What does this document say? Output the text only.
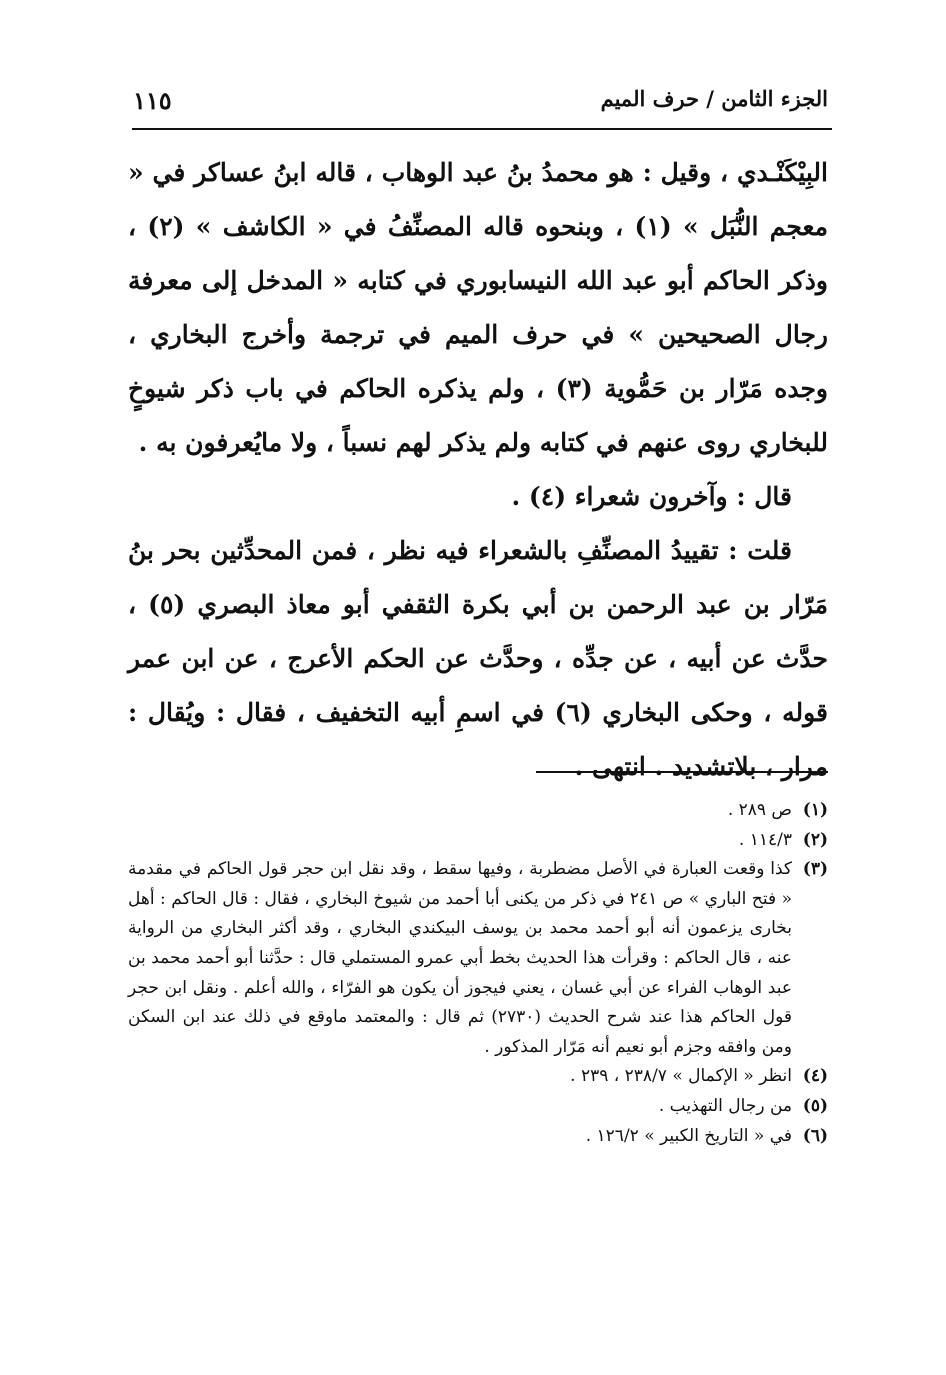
الجزء الثامن / حرف الميم
١١٥

البِيْكَنْـدي ، وقيل : هو محمدُ بنُ عبد الوهاب ، قاله ابنُ عساكر في « معجم النُّبَل » (١) ، وبنحوه قاله المصنِّفُ في « الكاشف » (٢) ، وذكر الحاكم أبو عبد الله النيسابوري في كتابه « المدخل إلى معرفة رجال الصحيحين » في حرف الميم في ترجمة وأخرج البخاري ، وجده مَرّار بن حَمُّوية (٣) ، ولم يذكره الحاكم في باب ذكر شيوخٍ للبخاري روى عنهم في كتابه ولم يذكر لهم نسباً ، ولا مايُعرفون به .

قال : وآخرون شعراء (٤) .

قلت : تقييدُ المصنِّفِ بالشعراء فيه نظر ، فمن المحدِّثين بحر بنُ مَرّار بن عبد الرحمن بن أبي بكرة الثقفي أبو معاذ البصري (٥) ، حدَّث عن أبيه ، عن جدِّه ، وحدَّث عن الحكم الأعرج ، عن ابن عمر قوله ، وحكى البخاري (٦) في اسمِ أبيه التخفيف ، فقال : ويُقال : مرار ، بلاتشديد . انتهى .

(١)
ص ٢٨٩ .
(٢)
١١٤/٣ .
(٣)
كذا وقعت العبارة في الأصل مضطربة ، وفيها سقط ، وقد نقل ابن حجر قول الحاكم في مقدمة « فتح الباري » ص ٢٤١ في ذكر من يكنى أبا أحمد من شيوخ البخاري ، فقال : قال الحاكم : أهل بخارى يزعمون أنه أبو أحمد محمد بن يوسف البيكندي البخاري ، وقد أكثر البخاري من الرواية عنه ، قال الحاكم : وقرأت هذا الحديث بخط أبي عمرو المستملي قال : حدَّثنا أبو أحمد محمد بن عبد الوهاب الفراء عن أبي غسان ، يعني فيجوز أن يكون هو الفرّاء ، والله أعلم . ونقل ابن حجر قول الحاكم هذا عند شرح الحديث (٢٧٣٠) ثم قال : والمعتمد ماوقع في ذلك عند ابن السكن ومن وافقه وجزم أبو نعيم أنه مَرّار المذكور .
(٤)
انظر « الإكمال » ٢٣٨/٧ ، ٢٣٩ .
(٥)
من رجال التهذيب .
(٦)
في « التاريخ الكبير » ١٢٦/٢ .
